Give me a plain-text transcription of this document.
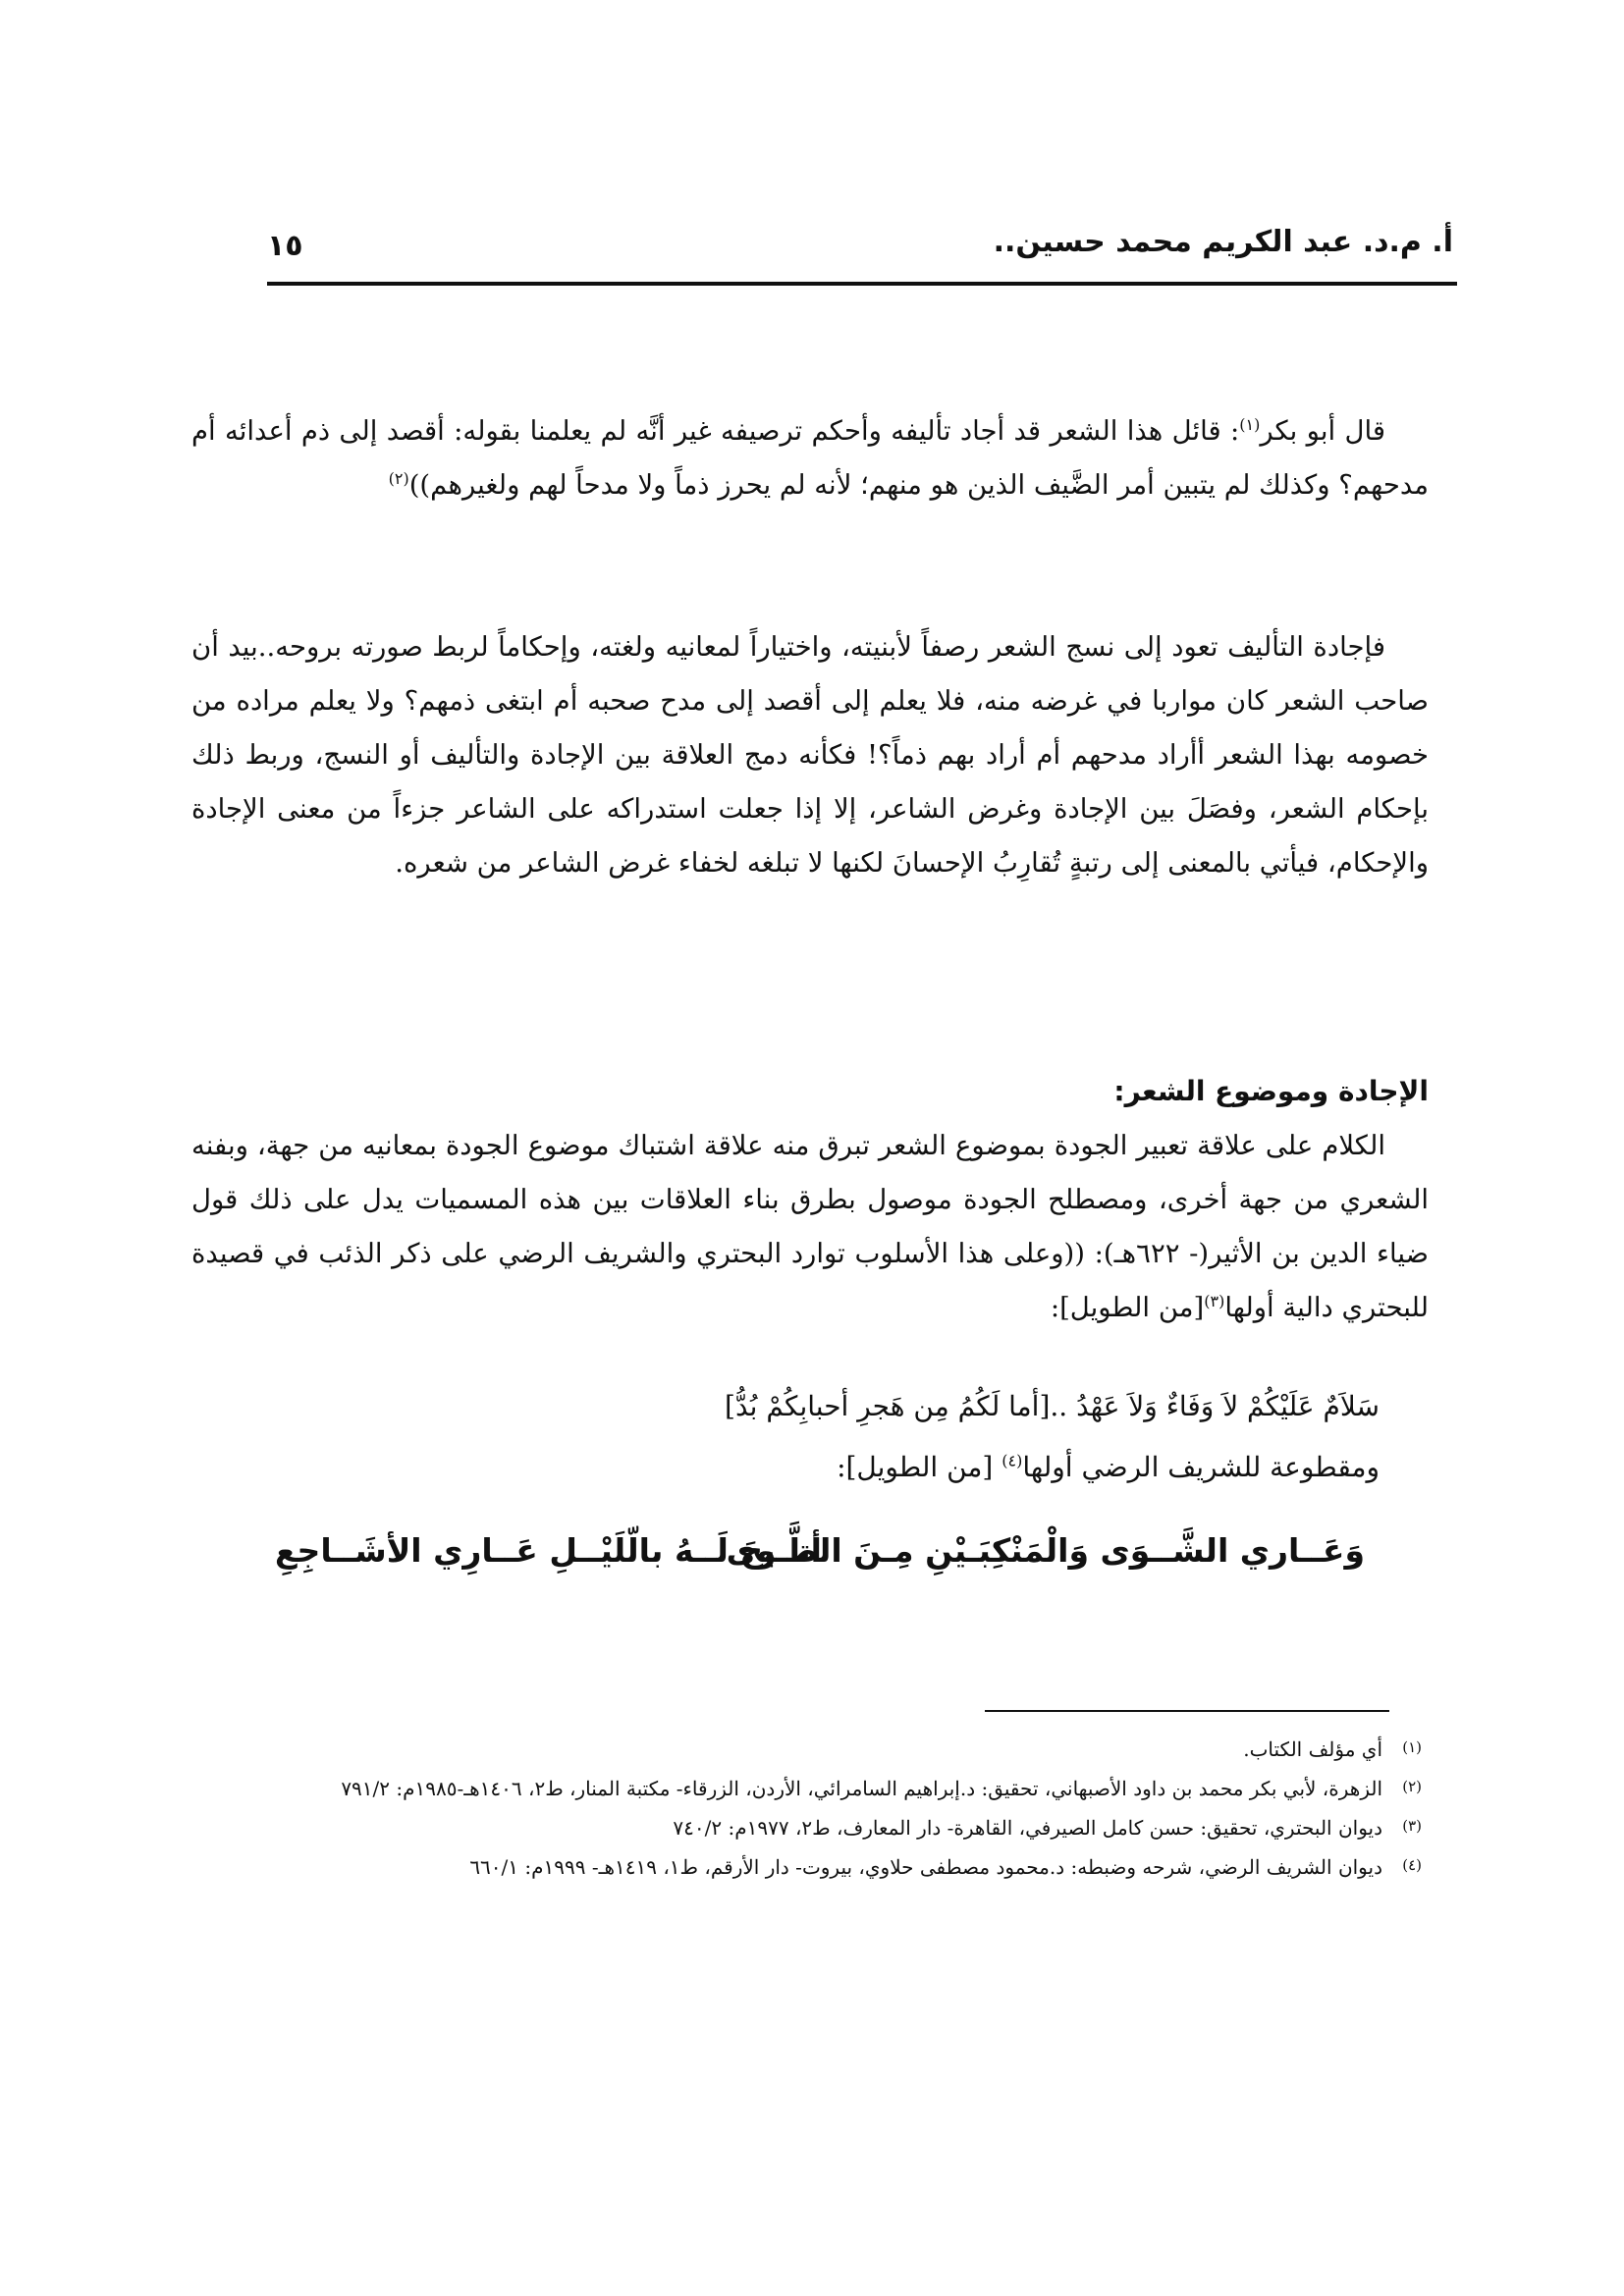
١٥	أ. م.د. عبد الكريم محمد حسين..

قال أبو بكر$^{(١)}$: قائل هذا الشعر قد أجاد تأليفه وأحكم ترصيفه غير أنَّه لم يعلمنا بقوله: أقصد إلى ذم أعدائه أم مدحهم؟ وكذلك لم يتبين أمر الضَّيف الذين هو منهم؛ لأنه لم يحرز ذماً ولا مدحاً لهم ولغيرهم))$^{(٢)}$

فإجادة التأليف تعود إلى نسج الشعر رصفاً لأبنيته، واختياراً لمعانيه ولغته، وإحكاماً لربط صورته بروحه..بيد أن صاحب الشعر كان مواربا في غرضه منه، فلا يعلم إلى أقصد إلى مدح صحبه أم ابتغى ذمهم؟ ولا يعلم مراده من خصومه بهذا الشعر أأراد مدحهم أم أراد بهم ذماً؟! فكأنه دمج العلاقة بين الإجادة والتأليف أو النسج، وربط ذلك بإحكام الشعر، وفصَلَ بين الإجادة وغرض الشاعر، إلا إذا جعلت استدراكه على الشاعر جزءاً من معنى الإجادة والإحكام، فيأتي بالمعنى إلى رتبةٍ تُقارِبُ الإحسانَ لكنها لا تبلغه لخفاء غرض الشاعر من شعره.

الإجادة وموضوع الشعر:

الكلام على علاقة تعبير الجودة بموضوع الشعر تبرق منه علاقة اشتباك موضوع الجودة بمعانيه من جهة، وبفنه الشعري من جهة أخرى، ومصطلح الجودة موصول بطرق بناء العلاقات بين هذه المسميات يدل على ذلك قول ضياء الدين بن الأثير(- ٦٢٢هـ): ((وعلى هذا الأسلوب توارد البحتري والشريف الرضي على ذكر الذئب في قصيدة للبحتري دالية أولها$^{(٣)}$[من الطويل]:

سَلاَمٌ عَلَيْكُمْ لاَ وَفَاءٌ وَلاَ عَهْدُ ..[أما لَكُمُ مِن هَجرِ أحبابِكُمْ بُدُّ]

ومقطوعة للشريف الرضي أولها$^{(٤)}$ [من الطويل]:

وَعَــاري الشَّــوَى وَالْمَنْكِبَـيْنِ مِـنَ الطَّـوى
أتــيحَ لَــهُ بالّلَيْــلِ عَــارِي الأشَــاجِعِ
(١)
أي مؤلف الكتاب.
(٢)
الزهرة، لأبي بكر محمد بن داود الأصبهاني، تحقيق: د.إبراهيم السامرائي، الأردن، الزرقاء- مكتبة المنار، ط٢، ١٤٠٦هـ-١٩٨٥م: ٧٩١/٢
(٣)
ديوان البحتري، تحقيق: حسن كامل الصيرفي، القاهرة- دار المعارف، ط٢، ١٩٧٧م: ٧٤٠/٢
(٤)
ديوان الشريف الرضي، شرحه وضبطه: د.محمود مصطفى حلاوي، بيروت- دار الأرقم، ط١، ١٤١٩هـ- ١٩٩٩م: ٦٦٠/١
